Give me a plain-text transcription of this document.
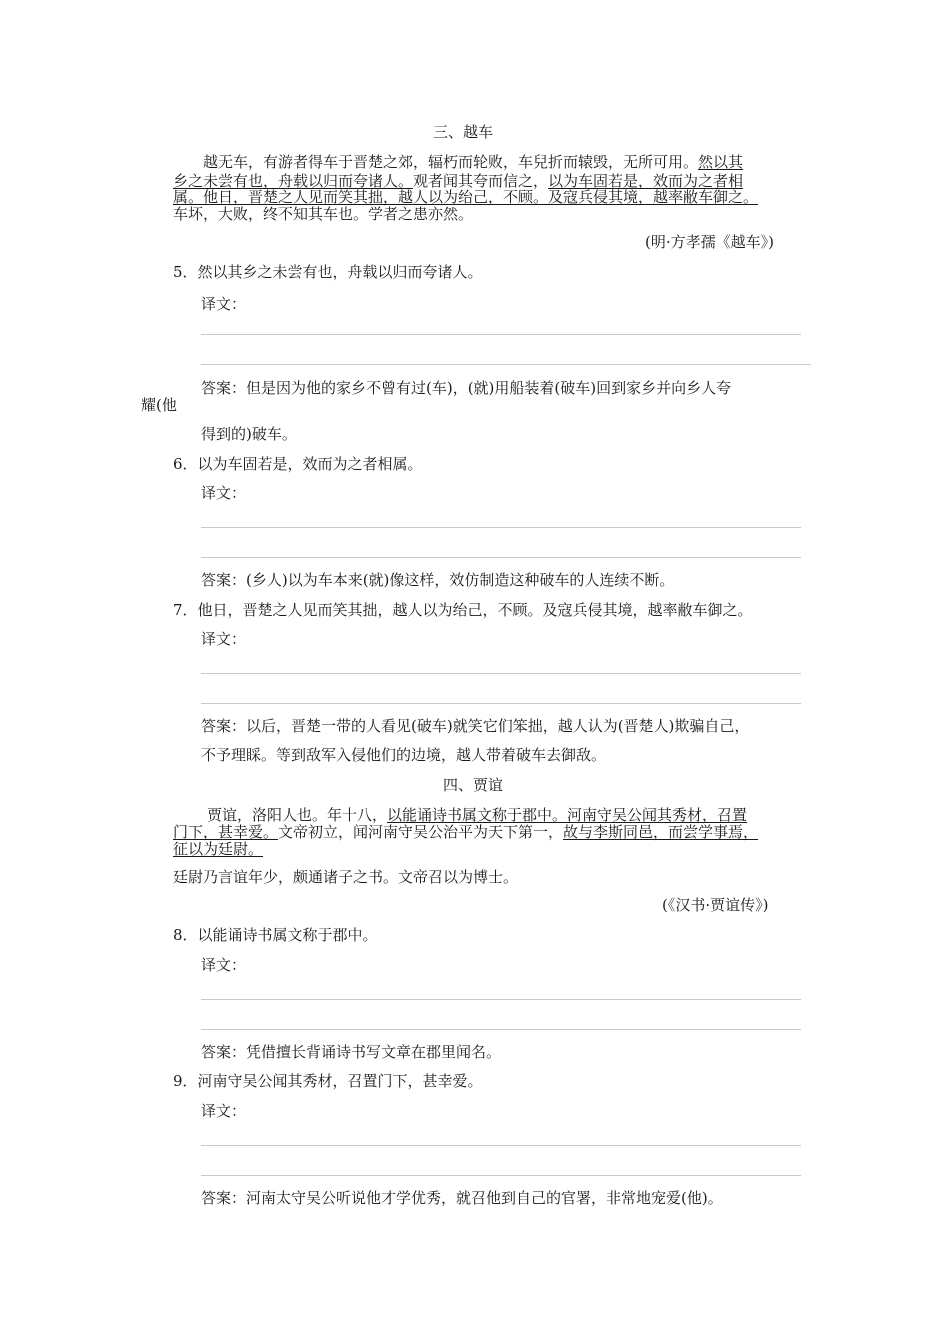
三、越车
越无车，有游者得车于晋楚之郊，辐朽而轮败，车兒折而辕毁，无所可用。然以其
乡之未尝有也，舟载以归而夸诸人。观者闻其夸而信之，以为车固若是，效而为之者相
属。他日，晋楚之人见而笑其拙，越人以为绐己，不顾。及寇兵侵其境，越率敝车御之。
车坏，大败，终不知其车也。学者之患亦然。
(明·方孝孺《越车》)
5．然以其乡之未尝有也，舟载以归而夸诸人。
译文：
答案：但是因为他的家乡不曾有过(车)，(就)用船装着(破车)回到家乡并向乡人夸
耀(他
得到的)破车。
6．以为车固若是，效而为之者相属。
译文：
答案：(乡人)以为车本来(就)像这样，效仿制造这种破车的人连续不断。
7．他日，晋楚之人见而笑其拙，越人以为绐己，不顾。及寇兵侵其境，越率敝车御之。
译文：
答案：以后，晋楚一带的人看见(破车)就笑它们笨拙，越人认为(晋楚人)欺骗自己，
不予理睬。等到敌军入侵他们的边境，越人带着破车去御敌。
四、贾谊
贾谊，洛阳人也。年十八，以能诵诗书属文称于郡中。河南守吴公闻其秀材，召置
门下，甚幸爱。文帝初立，闻河南守吴公治平为天下第一，故与李斯同邑，而尝学事焉，
征以为廷尉。
廷尉乃言谊年少，颇通诸子之书。文帝召以为博士。
(《汉书·贾谊传》)
8．以能诵诗书属文称于郡中。
译文：
答案：凭借擅长背诵诗书写文章在郡里闻名。
9．河南守吴公闻其秀材，召置门下，甚幸爱。
译文：
答案：河南太守吴公听说他才学优秀，就召他到自己的官署，非常地宠爱(他)。
